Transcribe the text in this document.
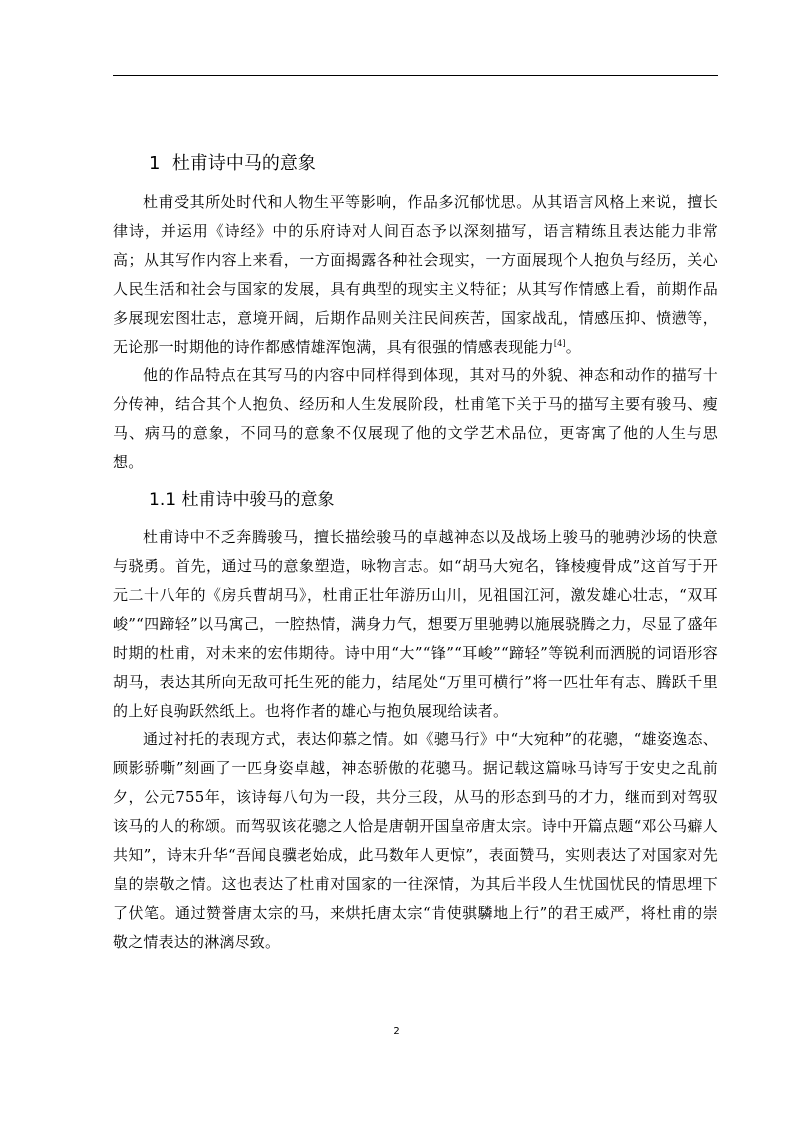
1 杜甫诗中马的意象

杜甫受其所处时代和人物生平等影响，作品多沉郁忧思。从其语言风格上来说，擅长律诗，并运用《诗经》中的乐府诗对人间百态予以深刻描写，语言精练且表达能力非常高；从其写作内容上来看，一方面揭露各种社会现实，一方面展现个人抱负与经历，关心人民生活和社会与国家的发展，具有典型的现实主义特征；从其写作情感上看，前期作品多展现宏图壮志，意境开阔，后期作品则关注民间疾苦，国家战乱，情感压抑、愤懑等，无论那一时期他的诗作都感情雄浑饱满，具有很强的情感表现能力[4]。

他的作品特点在其写马的内容中同样得到体现，其对马的外貌、神态和动作的描写十分传神，结合其个人抱负、经历和人生发展阶段，杜甫笔下关于马的描写主要有骏马、瘦马、病马的意象，不同马的意象不仅展现了他的文学艺术品位，更寄寓了他的人生与思想。

1.1 杜甫诗中骏马的意象

杜甫诗中不乏奔腾骏马，擅长描绘骏马的卓越神态以及战场上骏马的驰骋沙场的快意与骁勇。首先，通过马的意象塑造，咏物言志。如“胡马大宛名，锋棱瘦骨成”这首写于开元二十八年的《房兵曹胡马》，杜甫正壮年游历山川，见祖国江河，激发雄心壮志，“双耳峻”“四蹄轻”以马寓己，一腔热情，满身力气，想要万里驰骋以施展骁腾之力，尽显了盛年时期的杜甫，对未来的宏伟期待。诗中用“大”“锋”“耳峻”“蹄轻”等锐利而洒脱的词语形容胡马，表达其所向无敌可托生死的能力，结尾处“万里可横行”将一匹壮年有志、腾跃千里的上好良驹跃然纸上。也将作者的雄心与抱负展现给读者。

通过衬托的表现方式，表达仰慕之情。如《骢马行》中“大宛种”的花骢，“雄姿逸态、顾影骄嘶”刻画了一匹身姿卓越，神态骄傲的花骢马。据记载这篇咏马诗写于安史之乱前夕，公元755年，该诗每八句为一段，共分三段，从马的形态到马的才力，继而到对驾驭该马的人的称颂。而驾驭该花骢之人恰是唐朝开国皇帝唐太宗。诗中开篇点题“邓公马癖人共知”，诗末升华“吾闻良骥老始成，此马数年人更惊”，表面赞马，实则表达了对国家对先皇的崇敬之情。这也表达了杜甫对国家的一往深情，为其后半段人生忧国忧民的情思埋下了伏笔。通过赞誉唐太宗的马，来烘托唐太宗“肯使骐驎地上行”的君王威严，将杜甫的崇敬之情表达的淋漓尽致。

2
